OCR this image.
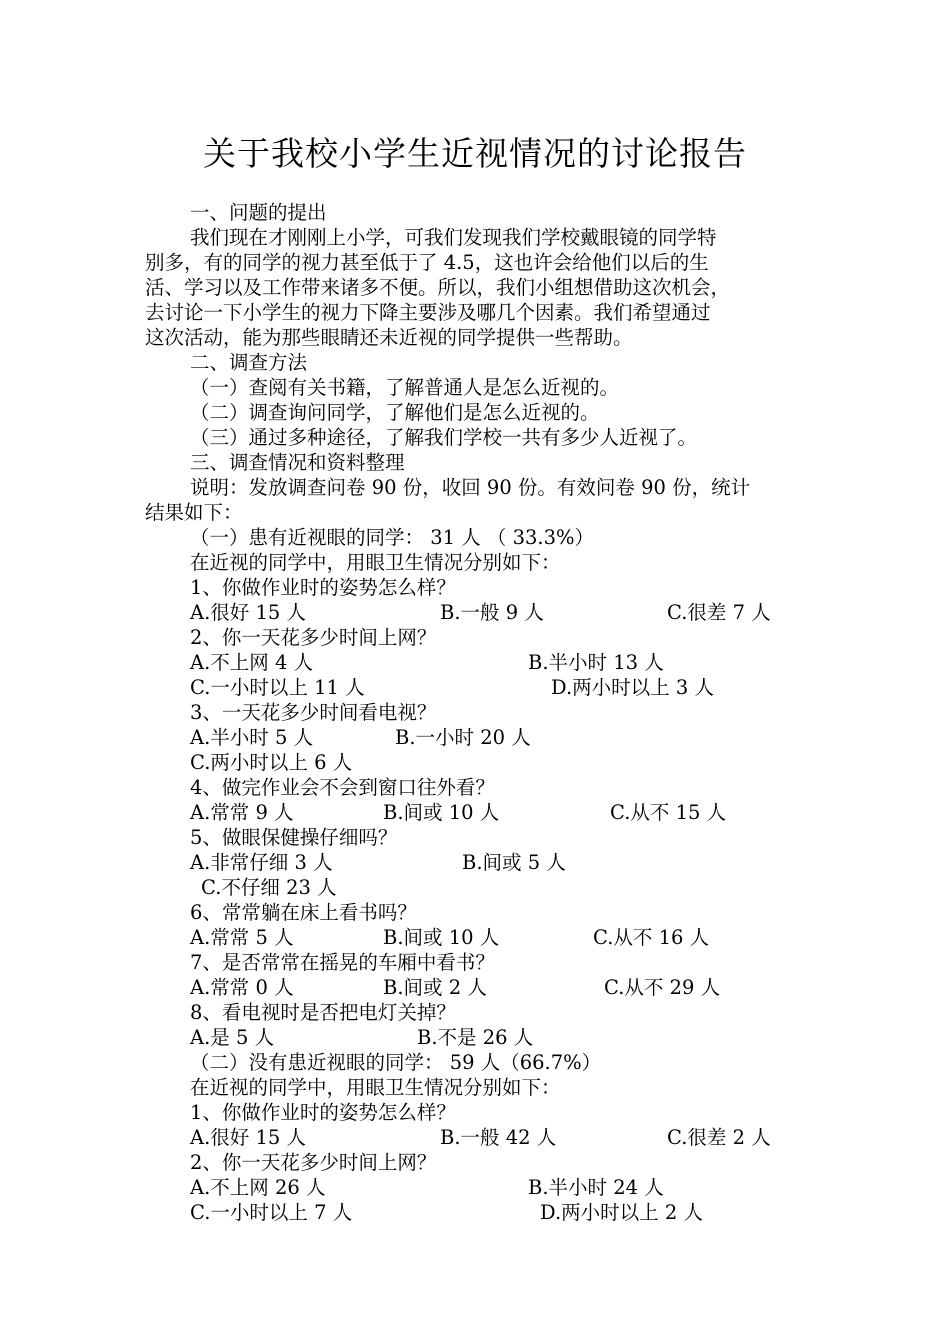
关于我校小学生近视情况的讨论报告
一、问题的提出
我们现在才刚刚上小学，可我们发现我们学校戴眼镜的同学特
别多，有的同学的视力甚至低于了 4.5，这也许会给他们以后的生
活、学习以及工作带来诸多不便。所以，我们小组想借助这次机会，
去讨论一下小学生的视力下降主要涉及哪几个因素。我们希望通过
这次活动，能为那些眼睛还未近视的同学提供一些帮助。
二、调查方法
（一）查阅有关书籍，了解普通人是怎么近视的。
（二）调查询问同学，了解他们是怎么近视的。
（三）通过多种途径，了解我们学校一共有多少人近视了。
三、调查情况和资料整理
说明：发放调查问卷 90 份，收回 90 份。有效问卷 90 份，统计
结果如下：
（一）患有近视眼的同学： 31 人 （ 33.3%）
在近视的同学中，用眼卫生情况分别如下：
1、你做作业时的姿势怎么样？
A.很好 15 人	B.一般 9 人	C.很差 7 人
2、你一天花多少时间上网？
A.不上网 4 人	B.半小时 13 人
C.一小时以上 11 人	D.两小时以上 3 人
3、一天花多少时间看电视？
A.半小时 5 人	B.一小时 20 人
C.两小时以上 6 人
4、做完作业会不会到窗口往外看？
A.常常 9 人	B.间或 10 人	C.从不 15 人
5、做眼保健操仔细吗？
A.非常仔细 3 人	B.间或 5 人
C.不仔细 23 人
6、常常躺在床上看书吗？
A.常常 5 人	B.间或 10 人	C.从不 16 人
7、是否常常在摇晃的车厢中看书？
A.常常 0 人	B.间或 2 人	C.从不 29 人
8、看电视时是否把电灯关掉？
A.是 5 人	B.不是 26 人
（二）没有患近视眼的同学： 59 人（66.7%）
在近视的同学中，用眼卫生情况分别如下：
1、你做作业时的姿势怎么样？
A.很好 15 人	B.一般 42 人	C.很差 2 人
2、你一天花多少时间上网？
A.不上网 26 人	B.半小时 24 人
C.一小时以上 7 人	D.两小时以上 2 人
